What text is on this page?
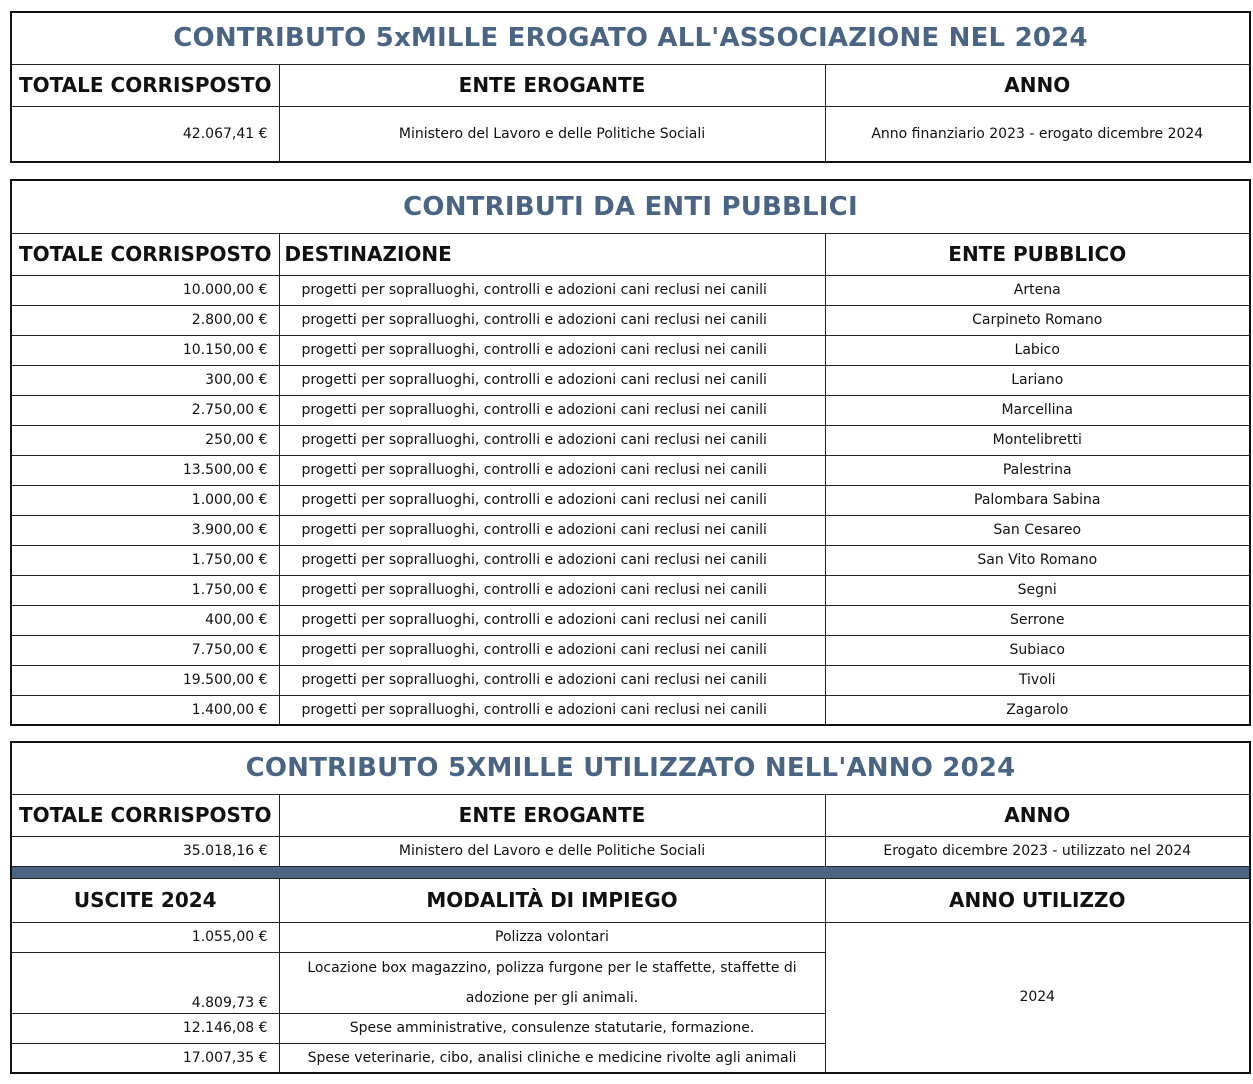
CONTRIBUTO 5xMILLE EROGATO ALL'ASSOCIAZIONE NEL 2024		
TOTALE CORRISPOSTO	ENTE EROGANTE	ANNO
42.067,41 €	Ministero del Lavoro e delle Politiche Sociali	Anno finanziario 2023 - erogato dicembre 2024
CONTRIBUTI DA ENTI PUBBLICI		
TOTALE CORRISPOSTO	DESTINAZIONE	ENTE PUBBLICO
10.000,00 €	progetti per sopralluoghi, controlli e adozioni cani reclusi nei canili	Artena
2.800,00 €	progetti per sopralluoghi, controlli e adozioni cani reclusi nei canili	Carpineto Romano
10.150,00 €	progetti per sopralluoghi, controlli e adozioni cani reclusi nei canili	Labico
300,00 €	progetti per sopralluoghi, controlli e adozioni cani reclusi nei canili	Lariano
2.750,00 €	progetti per sopralluoghi, controlli e adozioni cani reclusi nei canili	Marcellina
250,00 €	progetti per sopralluoghi, controlli e adozioni cani reclusi nei canili	Montelibretti
13.500,00 €	progetti per sopralluoghi, controlli e adozioni cani reclusi nei canili	Palestrina
1.000,00 €	progetti per sopralluoghi, controlli e adozioni cani reclusi nei canili	Palombara Sabina
3.900,00 €	progetti per sopralluoghi, controlli e adozioni cani reclusi nei canili	San Cesareo
1.750,00 €	progetti per sopralluoghi, controlli e adozioni cani reclusi nei canili	San Vito Romano
1.750,00 €	progetti per sopralluoghi, controlli e adozioni cani reclusi nei canili	Segni
400,00 €	progetti per sopralluoghi, controlli e adozioni cani reclusi nei canili	Serrone
7.750,00 €	progetti per sopralluoghi, controlli e adozioni cani reclusi nei canili	Subiaco
19.500,00 €	progetti per sopralluoghi, controlli e adozioni cani reclusi nei canili	Tivoli
1.400,00 €	progetti per sopralluoghi, controlli e adozioni cani reclusi nei canili	Zagarolo
CONTRIBUTO 5XMILLE UTILIZZATO NELL'ANNO 2024		
TOTALE CORRISPOSTO	ENTE EROGANTE	ANNO
35.018,16 €	Ministero del Lavoro e delle Politiche Sociali	Erogato dicembre 2023 - utilizzato nel 2024

USCITE 2024	MODALITÀ DI IMPIEGO	ANNO UTILIZZO
1.055,00 €	Polizza volontari	2024
4.809,73 €	Locazione box magazzino, polizza furgone per le staffette, staffette di
adozione per gli animali.	

12.146,08 €	Spese amministrative, consulenze statutarie, formazione.	
17.007,35 €	Spese veterinarie, cibo, analisi cliniche e medicine rivolte agli animali	
